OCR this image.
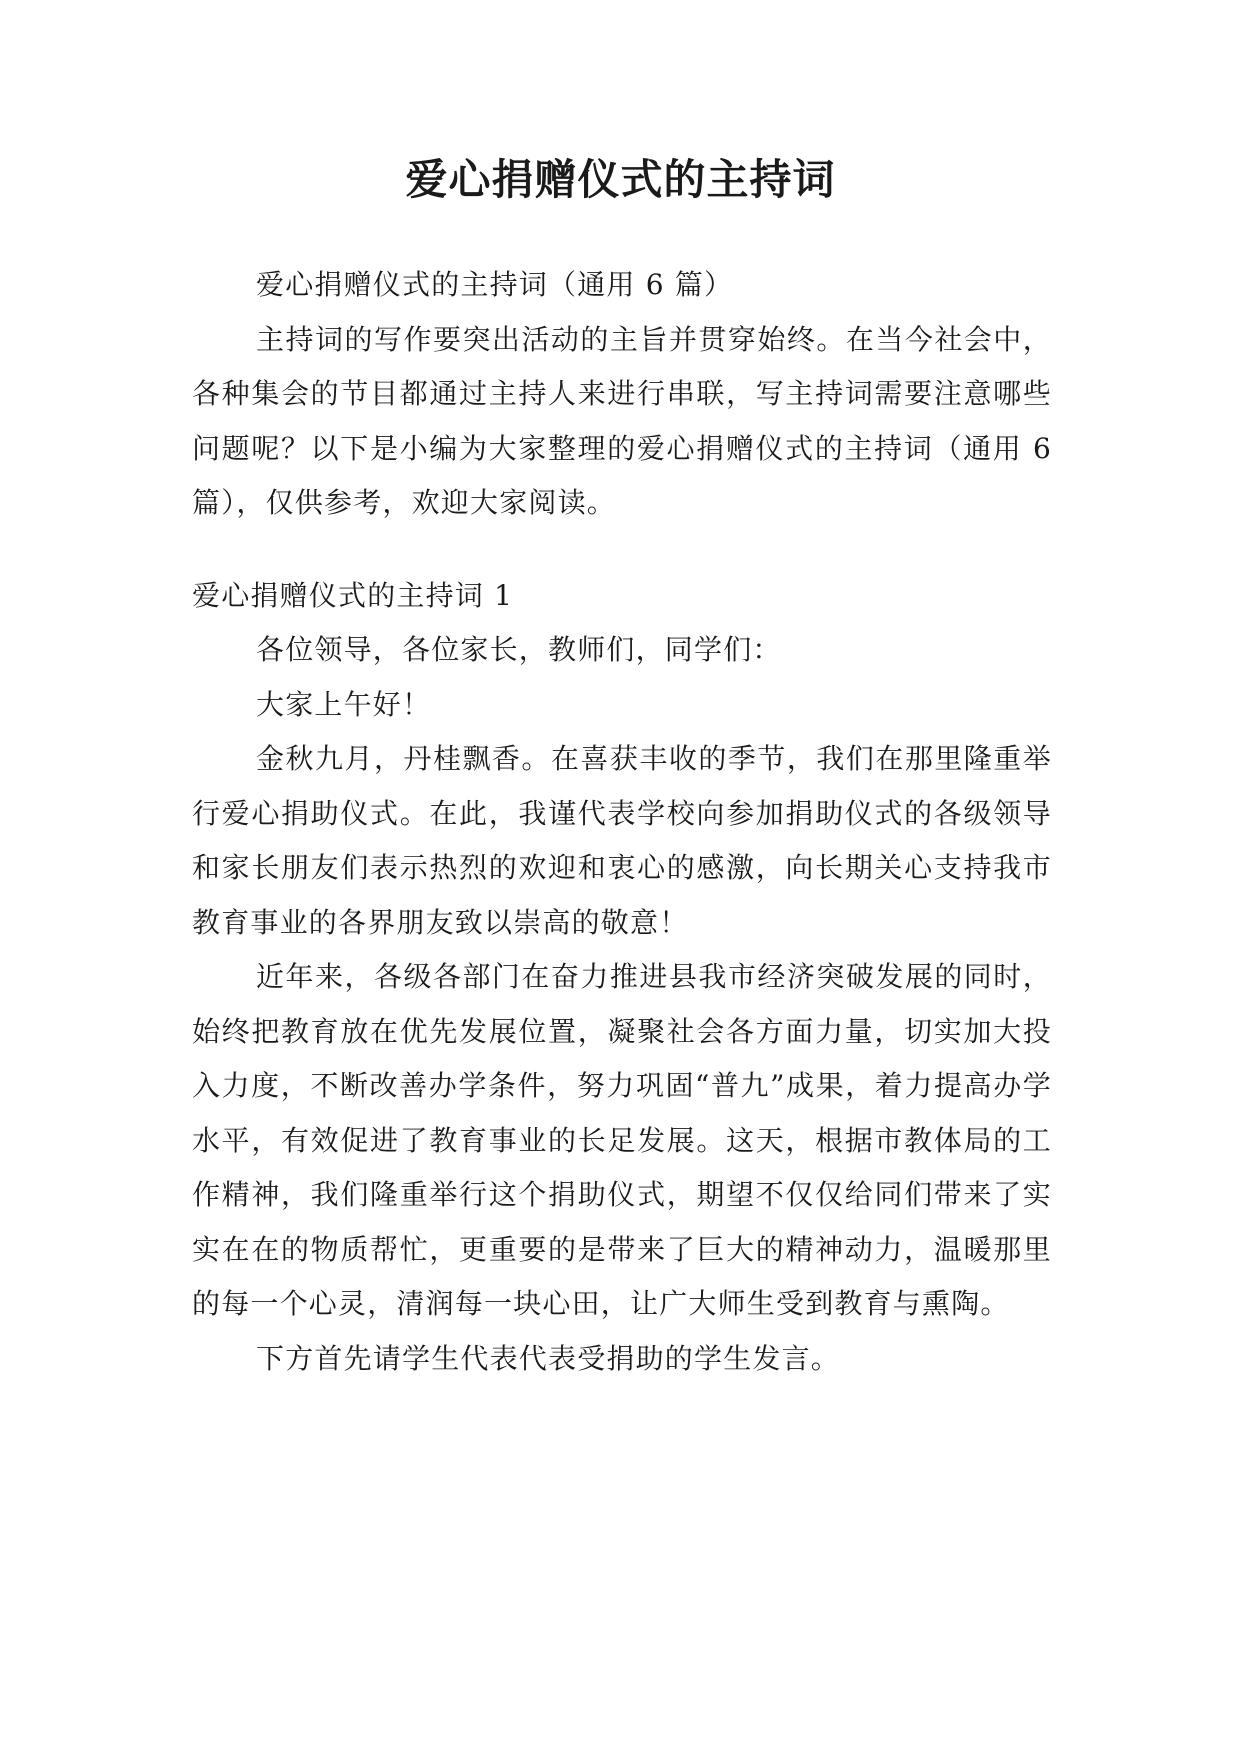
爱心捐赠仪式的主持词

爱心捐赠仪式的主持词（通用 6 篇）

主持词的写作要突出活动的主旨并贯穿始终。在当今社会中，各种集会的节目都通过主持人来进行串联，写主持词需要注意哪些问题呢？以下是小编为大家整理的爱心捐赠仪式的主持词（通用 6 篇），仅供参考，欢迎大家阅读。

爱心捐赠仪式的主持词 1

各位领导，各位家长，教师们，同学们：

大家上午好！

金秋九月，丹桂飘香。在喜获丰收的季节，我们在那里隆重举行爱心捐助仪式。在此，我谨代表学校向参加捐助仪式的各级领导和家长朋友们表示热烈的欢迎和衷心的感激，向长期关心支持我市教育事业的各界朋友致以崇高的敬意！

近年来，各级各部门在奋力推进县我市经济突破发展的同时，始终把教育放在优先发展位置，凝聚社会各方面力量，切实加大投入力度，不断改善办学条件，努力巩固“普九”成果，着力提高办学水平，有效促进了教育事业的长足发展。这天，根据市教体局的工作精神，我们隆重举行这个捐助仪式，期望不仅仅给同们带来了实实在在的物质帮忙，更重要的是带来了巨大的精神动力，温暖那里的每一个心灵，清润每一块心田，让广大师生受到教育与熏陶。

下方首先请学生代表代表受捐助的学生发言。
